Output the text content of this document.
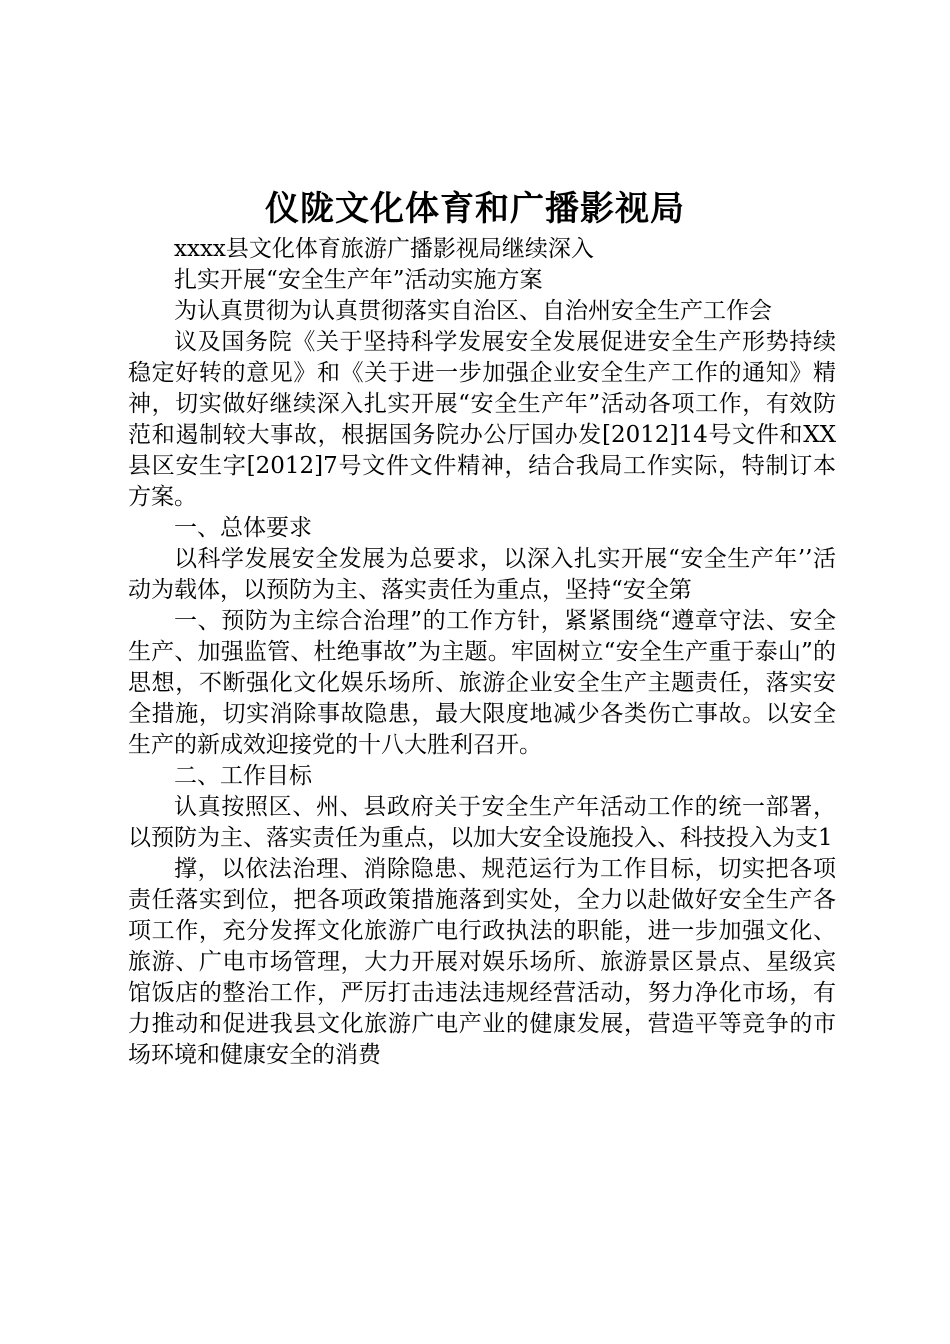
仪陇文化体育和广播影视局

xxxx县文化体育旅游广播影视局继续深入

扎实开展“安全生产年”活动实施方案

为认真贯彻为认真贯彻落实自治区、自治州安全生产工作会

议及国务院《关于坚持科学发展安全发展促进安全生产形势持续稳定好转的意见》和《关于进一步加强企业安全生产工作的通知》精神，切实做好继续深入扎实开展“安全生产年”活动各项工作，有效防范和遏制较大事故，根据国务院办公厅国办发[2012]14号文件和XX县区安生字[2012]7号文件文件精神，结合我局工作实际，特制订本方案。

一、总体要求

以科学发展安全发展为总要求，以深入扎实开展“安全生产年’’活动为载体，以预防为主、落实责任为重点，坚持“安全第

一、预防为主综合治理”的工作方针，紧紧围绕“遵章守法、安全生产、加强监管、杜绝事故”为主题。牢固树立“安全生产重于泰山”的思想，不断强化文化娱乐场所、旅游企业安全生产主题责任，落实安全措施，切实消除事故隐患，最大限度地减少各类伤亡事故。以安全生产的新成效迎接党的十八大胜利召开。

二、工作目标

认真按照区、州、县政府关于安全生产年活动工作的统一部署，以预防为主、落实责任为重点，以加大安全设施投入、科技投入为支1

撑，以依法治理、消除隐患、规范运行为工作目标，切实把各项责任落实到位，把各项政策措施落到实处，全力以赴做好安全生产各项工作，充分发挥文化旅游广电行政执法的职能，进一步加强文化、旅游、广电市场管理，大力开展对娱乐场所、旅游景区景点、星级宾馆饭店的整治工作，严厉打击违法违规经营活动，努力净化市场，有力推动和促进我县文化旅游广电产业的健康发展，营造平等竞争的市场环境和健康安全的消费
